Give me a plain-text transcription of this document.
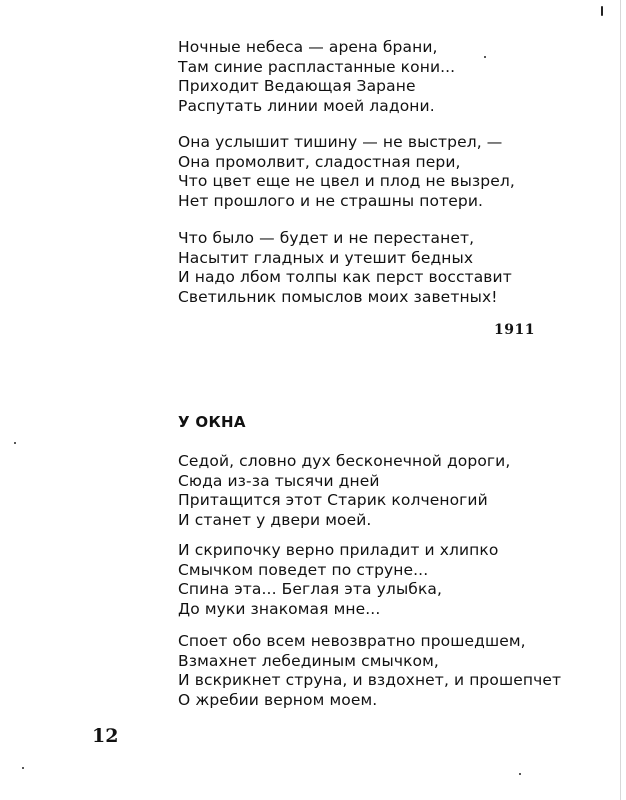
Ночные небеса — арена брани,
Там синие распластанные кони...
Приходит Ведающая Заране
Распутать линии моей ладони.
Она услышит тишину — не выстрел, —
Она промолвит, сладостная пери,
Что цвет еще не цвел и плод не вызрел,
Нет прошлого и не страшны потери.
Что было — будет и не перестанет,
Насытит гладных и утешит бедных
И надо лбом толпы как перст восставит
Светильник помыслов моих заветных!
1911
У ОКНА
Седой, словно дух бесконечной дороги,
Сюда из-за тысячи дней
Притащится этот Старик колченогий
И станет у двери моей.
И скрипочку верно приладит и хлипко
Смычком поведет по струне...
Спина эта... Беглая эта улыбка,
До муки знакомая мне...
Споет обо всем невозвратно прошедшем,
Взмахнет лебединым смычком,
И вскрикнет струна, и вздохнет, и прошепчет
О жребии верном моем.
12
